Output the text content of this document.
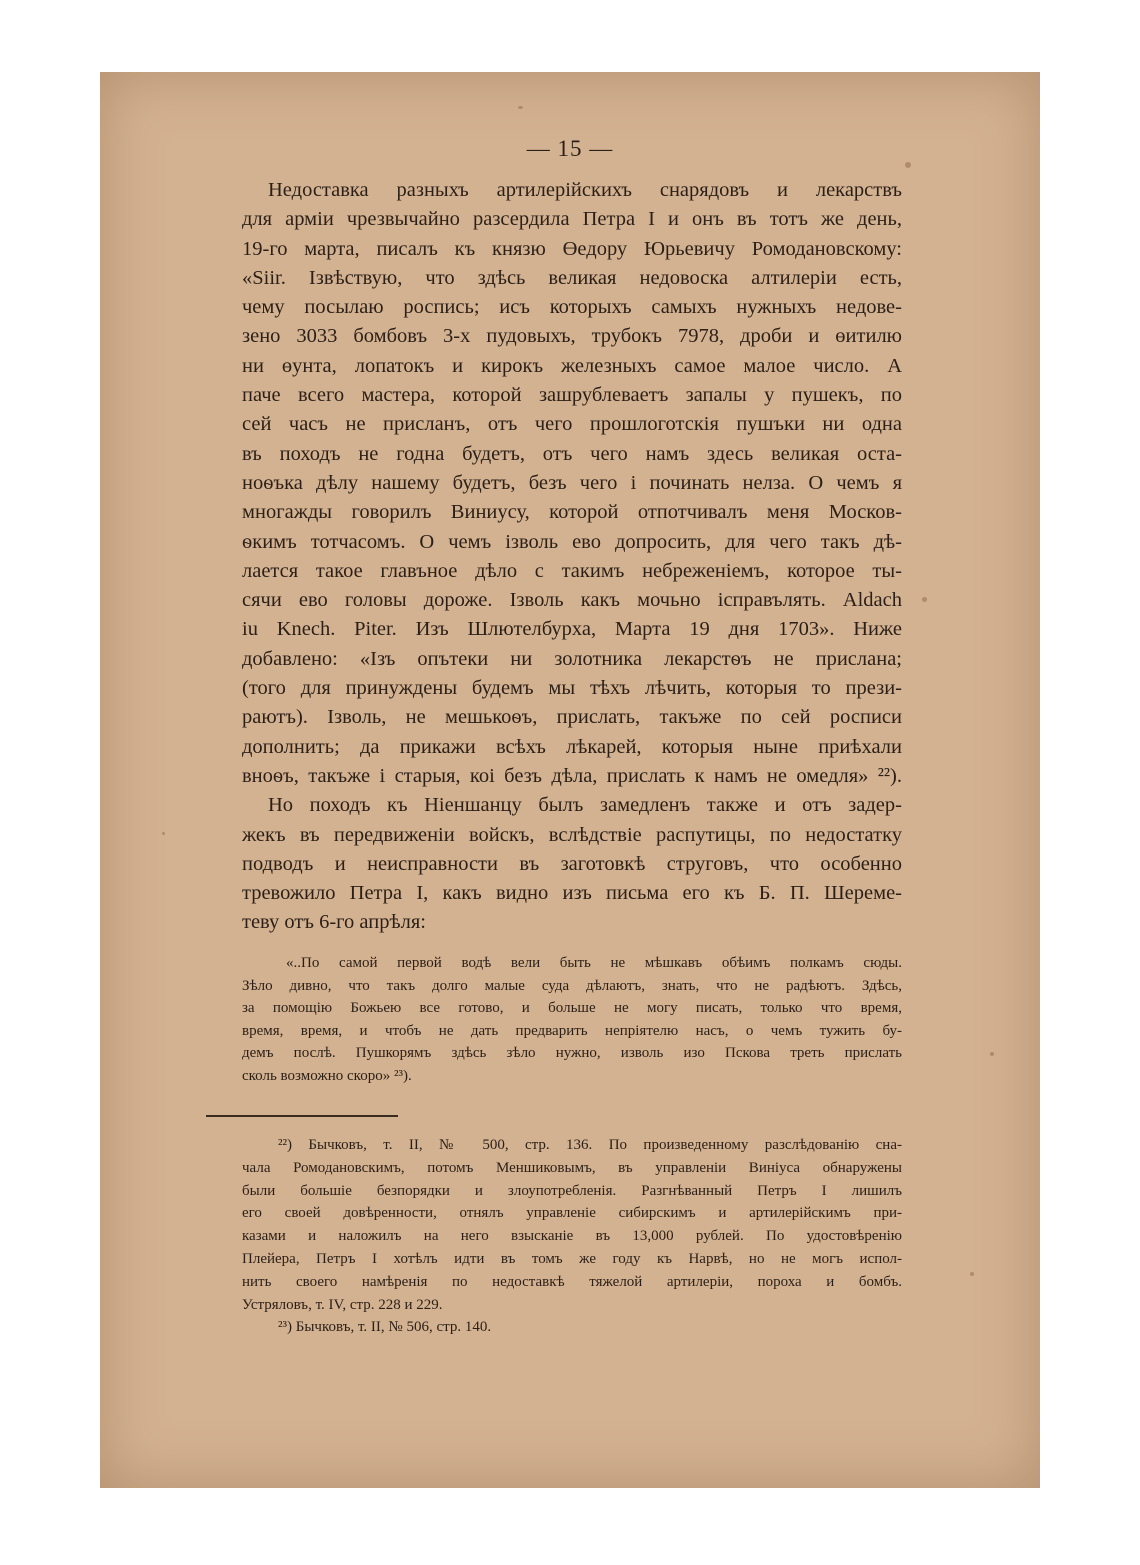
— 15 —
Недоставка разныхъ артилерійскихъ снарядовъ и лекарствъ
для арміи чрезвычайно разсердила Петра I и онъ въ тотъ же день,
19-го марта, писалъ къ князю Өедору Юрьевичу Ромодановскому:
«Siir. Iзвѣствую, что здѣсь великая недовоска алтилеріи есть,
чему посылаю роспись; исъ которыхъ самыхъ нужныхъ недове-
зено 3033 бомбовъ 3-х пудовыхъ, трубокъ 7978, дроби и өитилю
ни өунта, лопатокъ и кирокъ железныхъ самое малое число. А
паче всего мастера, которой зашрублеваетъ запалы у пушекъ, по
сей часъ не присланъ, отъ чего прошлоготскія пушъки ни одна
въ походъ не годна будетъ, отъ чего намъ здесь великая оста-
ноѳъка дѣлу нашему будетъ, безъ чего і починать нелза. О чемъ я
многажды говорилъ Виниусу, которой отпотчивалъ меня Москов-
ѳкимъ тотчасомъ. О чемъ ізволь ево допросить, для чего такъ дѣ-
лается такое главъное дѣло с такимъ небреженіемъ, которое ты-
сячи ево головы дороже. Iзволь какъ мочьно ісправълять. Aldach
iu Knech. Piter. Изъ Шлютелбурха, Марта 19 дня 1703». Ниже
добавлено: «Iзъ опътеки ни золотника лекарстѳъ не прислана;
(того для принуждены будемъ мы тѣхъ лѣчить, которыя то прези-
раютъ). Iзволь, не мешькоѳъ, прислать, такъже по сей росписи
дополнить; да прикажи всѣхъ лѣкарей, которыя ныне приѣхали
вноѳъ, такъже і старыя, коі безъ дѣла, прислать к намъ не омедля» ²²).
Но походъ къ Ніеншанцу былъ замедленъ также и отъ задер-
жекъ въ передвиженіи войскъ, вслѣдствіе распутицы, по недостатку
подводъ и неисправности въ заготовкѣ струговъ, что особенно
тревожило Петра I, какъ видно изъ письма его къ Б. П. Шереме-
теву отъ 6-го апрѣля:
«..По самой первой водѣ вели быть не мѣшкавъ обѣимъ полкамъ сюды.
Зѣло дивно, что такъ долго малые суда дѣлаютъ, знать, что не радѣютъ. Здѣсь,
за помощію Божьею все готово, и больше не могу писать, только что время,
время, время, и чтобъ не дать предварить непріятелю насъ, о чемъ тужить бу-
демъ послѣ. Пушкорямъ здѣсь зѣло нужно, изволь изо Пскова треть прислать
сколь возможно скоро» ²³).
²²) Бычковъ, т. II, № 500, стр. 136. По произведенному разслѣдованію сна-
чала Ромодановскимъ, потомъ Меншиковымъ, въ управленіи Виніуса обнаружены
были большіе безпорядки и злоупотребленія. Разгнѣванный Петръ I лишилъ
его своей довѣренности, отнялъ управленіе сибирскимъ и артилерійскимъ при-
казами и наложилъ на него взысканіе въ 13,000 рублей. По удостовѣренію
Плейера, Петръ I хотѣлъ идти въ томъ же году къ Нарвѣ, но не могъ испол-
нить своего намѣренія по недоставкѣ тяжелой артилеріи, пороха и бомбъ.
Устряловъ, т. IV, стр. 228 и 229.
²³) Бычковъ, т. II, № 506, стр. 140.
